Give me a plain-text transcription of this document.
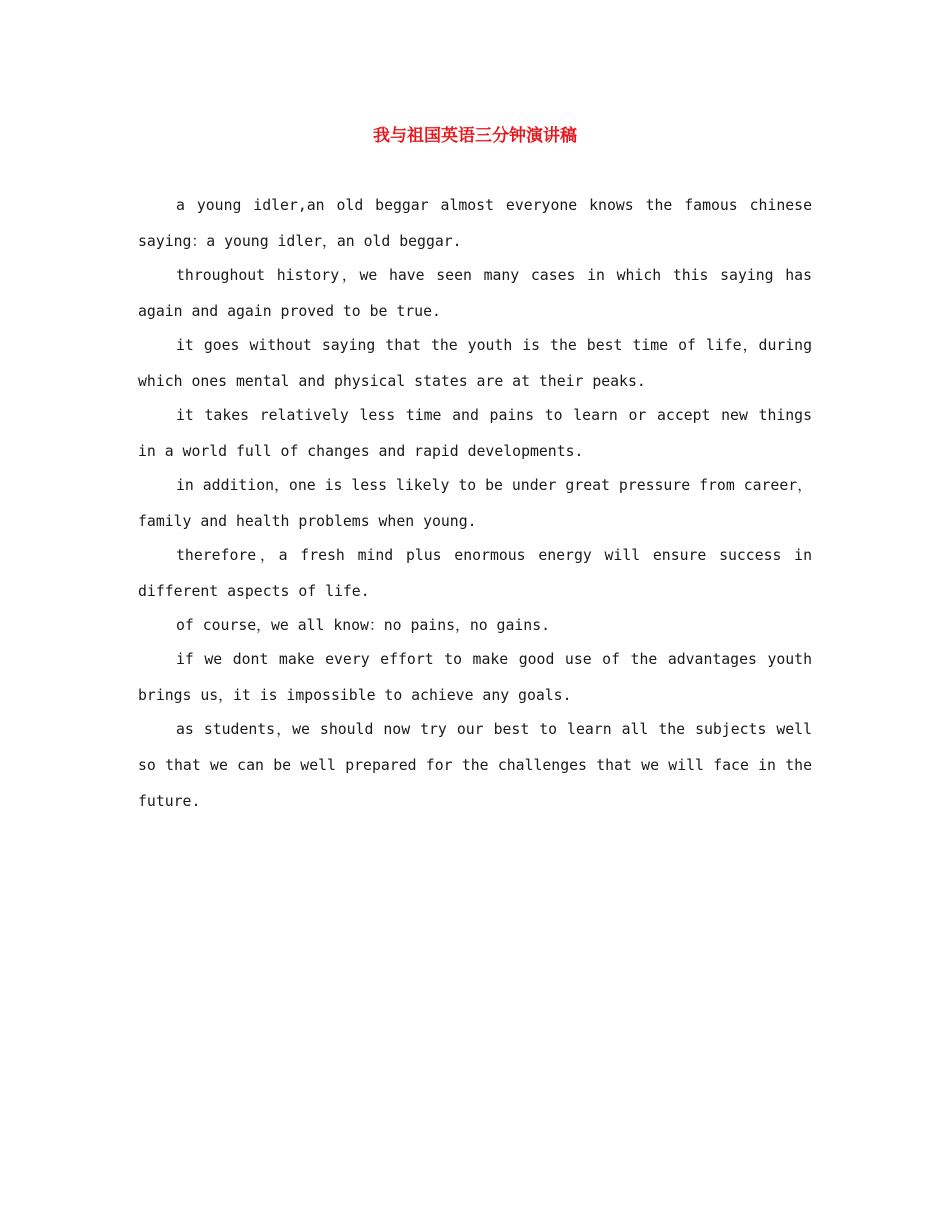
我与祖国英语三分钟演讲稿

a young idler,an old beggar almost everyone knows the famous chinese saying：a young idler，an old beggar.

throughout history，we have seen many cases in which this saying has again and again proved to be true.

it goes without saying that the youth is the best time of life，during which ones mental and physical states are at their peaks.

it takes relatively less time and pains to learn or accept new things in a world full of changes and rapid developments.

in addition，one is less likely to be under great pressure from career，family and health problems when young.

therefore，a fresh mind plus enormous energy will ensure success in different aspects of life.

of course，we all know：no pains，no gains.

if we dont make every effort to make good use of the advantages youth brings us，it is impossible to achieve any goals.

as students，we should now try our best to learn all the subjects well so that we can be well prepared for the challenges that we will face in the future.
